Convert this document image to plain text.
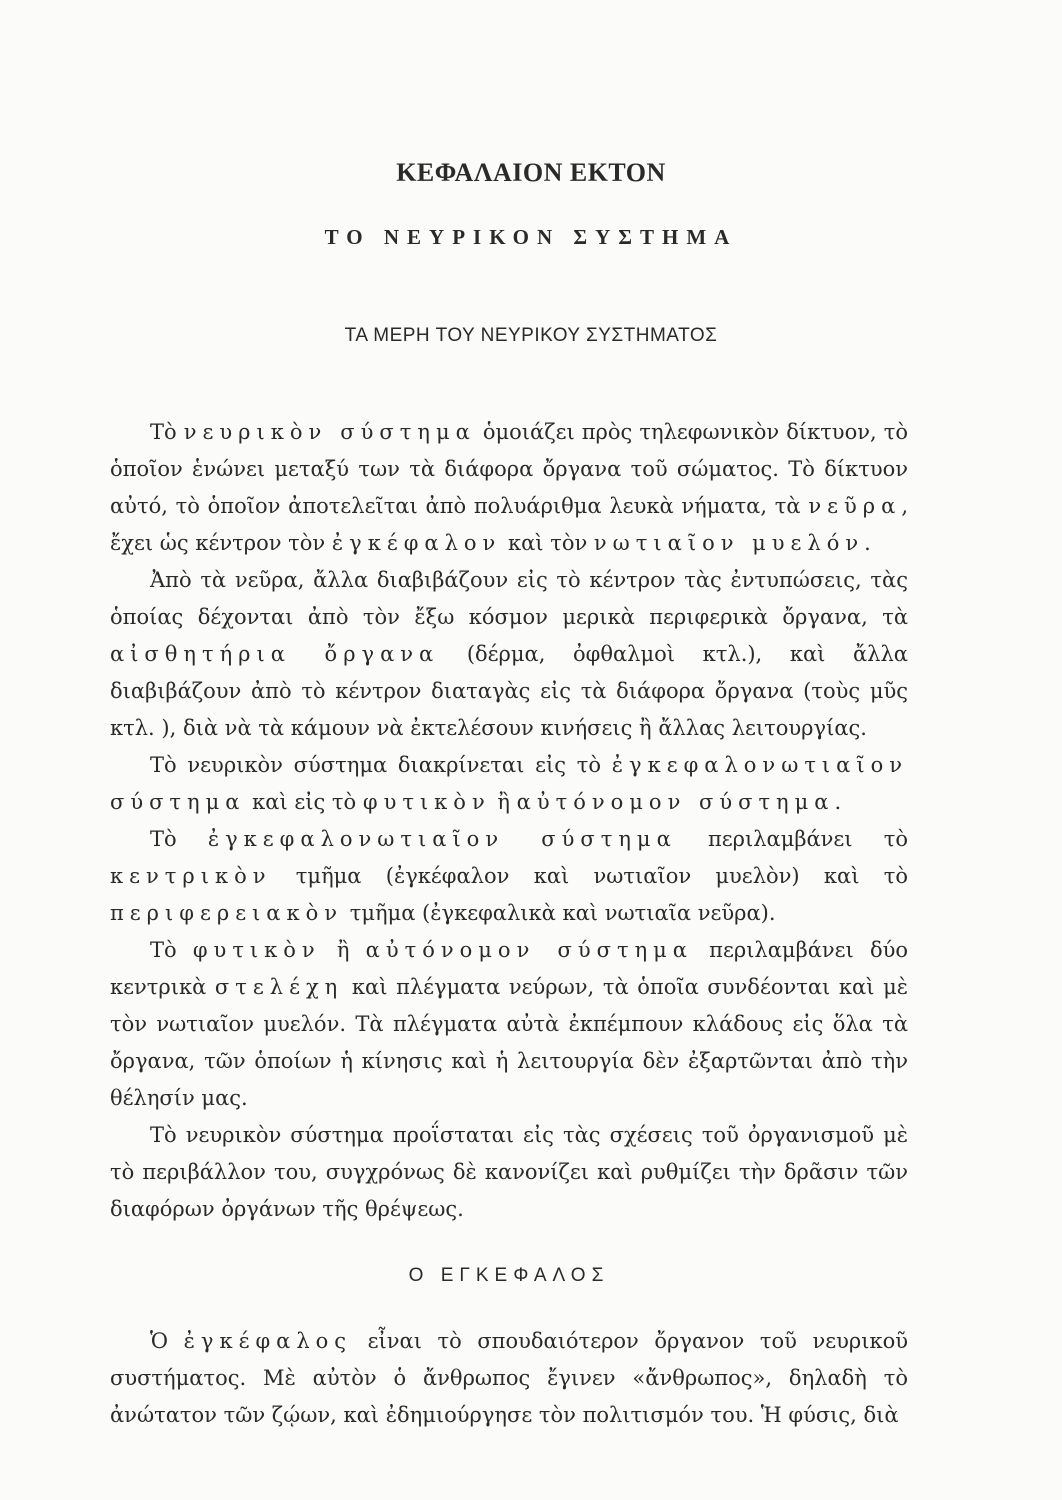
ΚΕΦΑΛΑΙΟΝ ΕΚΤΟΝ
ΤΟ ΝΕΥΡΙΚΟΝ ΣΥΣΤΗΜΑ
ΤΑ ΜΕΡΗ ΤΟΥ ΝΕΥΡΙΚΟΥ ΣΥΣΤΗΜΑΤΟΣ

Τὸ νευρικὸν σύστημα ὁμοιάζει πρὸς τηλεφωνικὸν δίκτυον, τὸ ὁποῖον ἑνώνει μεταξύ των τὰ διάφορα ὄργανα τοῦ σώματος. Τὸ δίκτυον αὐτό, τὸ ὁποῖον ἀποτελεῖται ἀπὸ πολυάριθμα λευκὰ νήματα, τὰ νεῦρα, ἔχει ὡς κέντρον τὸν ἐγκέφαλον καὶ τὸν νωτιαῖον μυελόν.

Ἀπὸ τὰ νεῦρα, ἄλλα διαβιβάζουν εἰς τὸ κέντρον τὰς ἐντυπώσεις, τὰς ὁποίας δέχονται ἀπὸ τὸν ἔξω κόσμον μερικὰ περιφερικὰ ὄργανα, τὰ αἰσθητήρια ὄργανα (δέρμα, ὀφθαλμοὶ κτλ.), καὶ ἄλλα διαβιβάζουν ἀπὸ τὸ κέντρον διαταγὰς εἰς τὰ διάφορα ὄργανα (τοὺς μῦς κτλ. ), διὰ νὰ τὰ κάμουν νὰ ἐκτελέσουν κινήσεις ἢ ἄλλας λειτουργίας.

Τὸ νευρικὸν σύστημα διακρίνεται εἰς τὸ ἐγκεφαλονωτιαῖον σύστημα καὶ εἰς τὸ φυτικὸν ἢ αὐτόνομον σύστημα.

Τὸ ἐγκεφαλονωτιαῖον σύστημα περιλαμβάνει τὸ κεντρικὸν τμῆμα (ἐγκέφαλον καὶ νωτιαῖον μυελὸν) καὶ τὸ περιφερειακὸν τμῆμα (ἐγκεφαλικὰ καὶ νωτιαῖα νεῦρα).

Τὸ φυτικὸν ἢ αὐτόνομον σύστημα περιλαμβάνει δύο κεντρικὰ στελέχη καὶ πλέγματα νεύρων, τὰ ὁποῖα συνδέονται καὶ μὲ τὸν νωτιαῖον μυελόν. Τὰ πλέγματα αὐτὰ ἐκπέμπουν κλάδους εἰς ὅλα τὰ ὄργανα, τῶν ὁποίων ἡ κίνησις καὶ ἡ λειτουργία δὲν ἐξαρτῶνται ἀπὸ τὴν θέλησίν μας.

Τὸ νευρικὸν σύστημα προΐσταται εἰς τὰς σχέσεις τοῦ ὀργανισμοῦ μὲ τὸ περιβάλλον του, συγχρόνως δὲ κανονίζει καὶ ρυθμίζει τὴν δρᾶσιν τῶν διαφόρων ὀργάνων τῆς θρέψεως.

Ο ΕΓΚΕΦΑΛΟΣ

Ὁ ἐγκέφαλος εἶναι τὸ σπουδαιότερον ὄργανον τοῦ νευρικοῦ συστήματος. Μὲ αὐτὸν ὁ ἄνθρωπος ἔγινεν «ἄνθρωπος», δηλαδὴ τὸ ἀνώτατον τῶν ζῴων, καὶ ἐδημιούργησε τὸν πολιτισμόν του. Ἡ φύσις, διὰ
